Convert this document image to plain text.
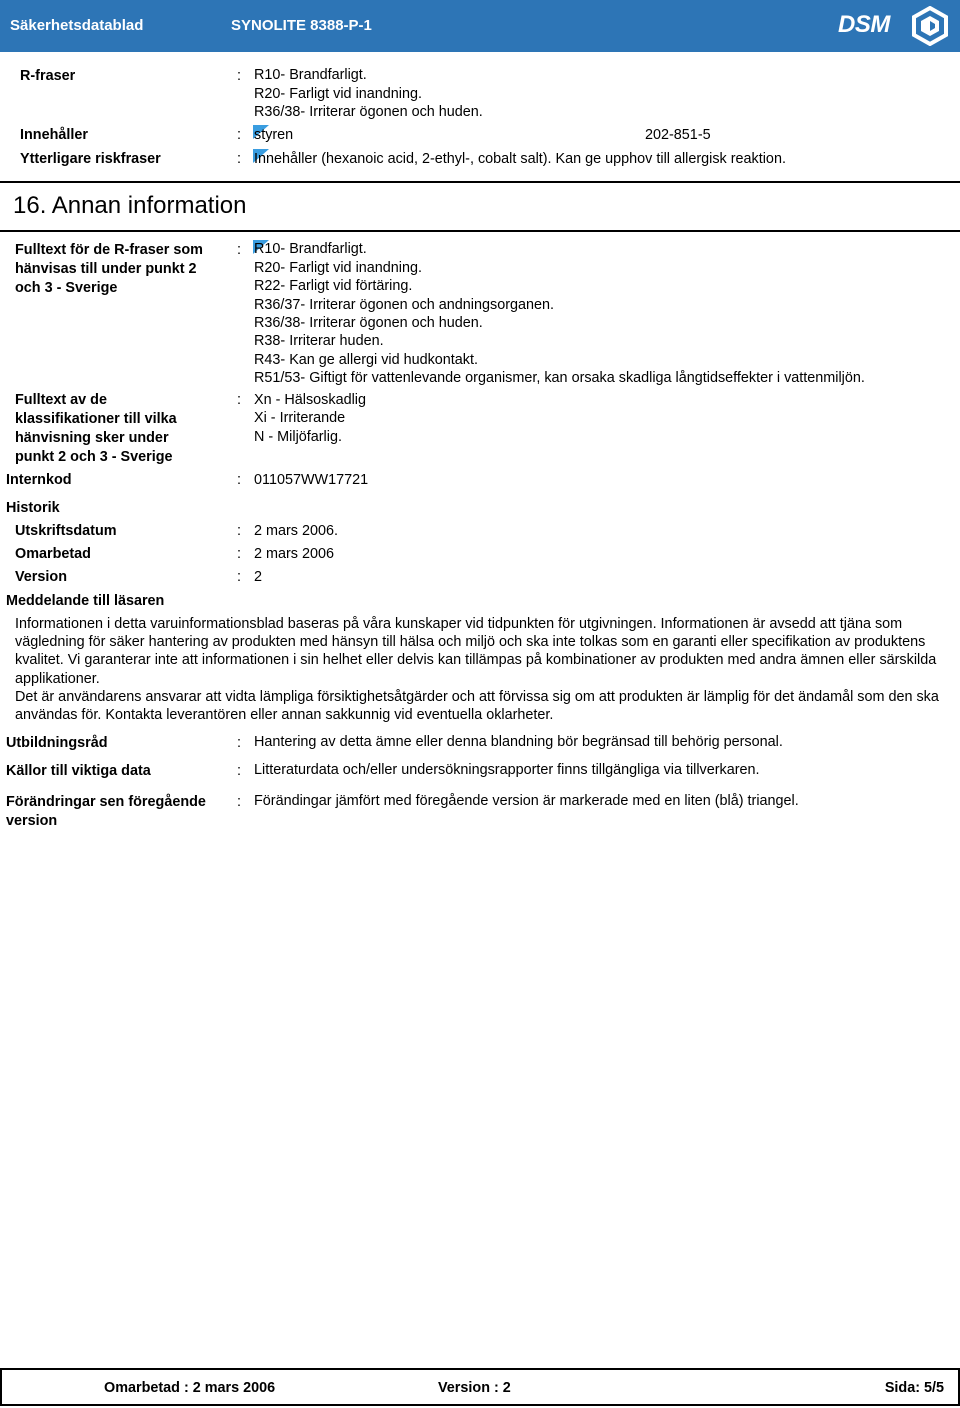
Säkerhetsdatablad	SYNOLITE 8388-P-1	DSM
R-fraser	: R10- Brandfarligt.
R20- Farligt vid inandning.
R36/38- Irriterar ögonen och huden.
Innehåller	: styren	202-851-5
Ytterligare riskfraser	: Innehåller (hexanoic acid, 2-ethyl-, cobalt salt). Kan ge upphov till allergisk reaktion.
16. Annan information
Fulltext för de R-fraser som
hänvisas till under punkt 2
och 3 - Sverige
: R10- Brandfarligt.
R20- Farligt vid inandning.
R22- Farligt vid förtäring.
R36/37- Irriterar ögonen och andningsorganen.
R36/38- Irriterar ögonen och huden.
R38- Irriterar huden.
R43- Kan ge allergi vid hudkontakt.
R51/53- Giftigt för vattenlevande organismer, kan orsaka skadliga långtidseffekter i vattenmiljön.
Fulltext av de
klassifikationer till vilka
hänvisning sker under
punkt 2 och 3 - Sverige
: Xn - Hälsoskadlig
Xi - Irriterande
N - Miljöfarlig.
Internkod	: 011057WW17721
Historik
Utskriftsdatum	: 2 mars 2006.
Omarbetad	: 2 mars 2006
Version	: 2
Meddelande till läsaren

Informationen i detta varuinformationsblad baseras på våra kunskaper vid tidpunkten för utgivningen. Informationen är avsedd att tjäna som vägledning för säker hantering av produkten med hänsyn till hälsa och miljö och ska inte tolkas som en garanti eller specifikation av produktens kvalitet. Vi garanterar inte att informationen i sin helhet eller delvis kan tillämpas på kombinationer av produkten med andra ämnen eller särskilda applikationer.

Det är användarens ansvarar att vidta lämpliga försiktighetsåtgärder och att förvissa sig om att produkten är lämplig för det ändamål som den ska användas för. Kontakta leverantören eller annan sakkunnig vid eventuella oklarheter.

Utbildningsråd	: Hantering av detta ämne eller denna blandning bör begränsad till behörig personal.
Källor till viktiga data	: Litteraturdata och/eller undersökningsrapporter finns tillgängliga via tillverkaren.
Förändringar sen föregående
version
: Förändingar jämfört med föregående version är markerade med en liten (blå) triangel.
Omarbetad : 2 mars 2006	Version : 2	Sida: 5/5
